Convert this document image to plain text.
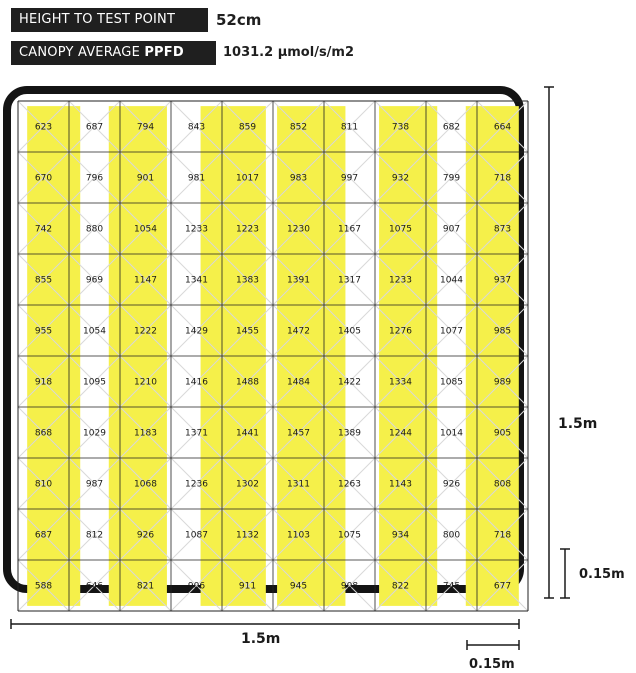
HEIGHT TO TEST POINT	52cm
CANOPY AVERAGE PPFD	1031.2 µmol/s/m2
623	687	794	843	859	852	811	738	682	664
670	796	901	981	1017	983	997	932	799	718
742	880	1054	1233	1223	1230	1167	1075	907	873
855	969	1147	1341	1383	1391	1317	1233	1044	937
955	1054	1222	1429	1455	1472	1405	1276	1077	985
918	1095	1210	1416	1488	1484	1422	1334	1085	989
868	1029	1183	1371	1441	1457	1389	1244	1014	905
810	987	1068	1236	1302	1311	1263	1143	926	808
687	812	926	1087	1132	1103	1075	934	800	718
588	646	821	906	911	945	908	822	745	677
1.5m
0.15m
1.5m
0.15m
